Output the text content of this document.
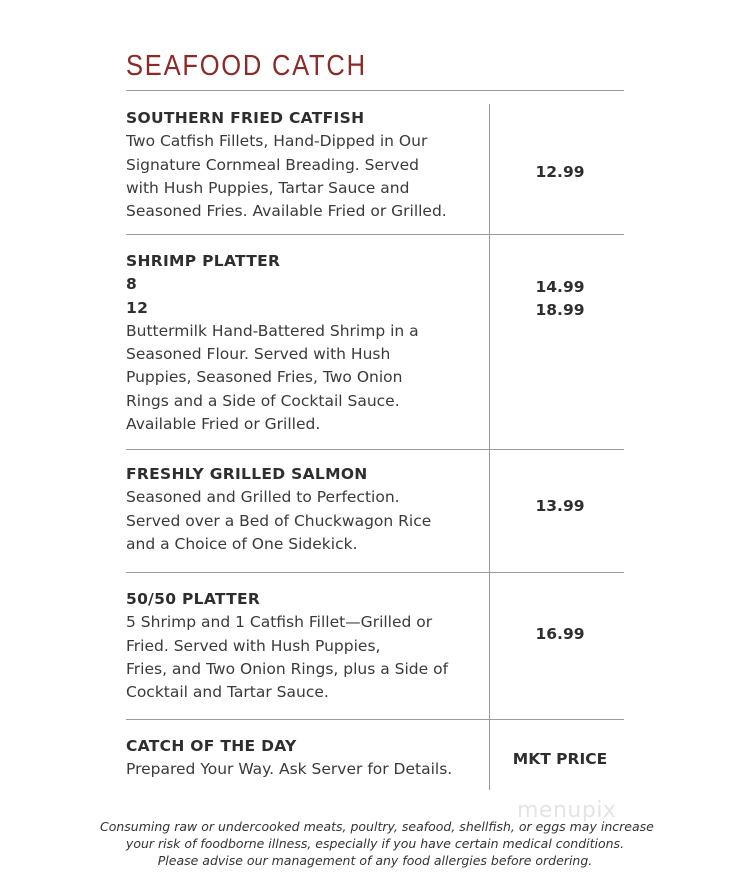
SEAFOOD CATCH
SOUTHERN FRIED CATFISH
Two Catfish Fillets, Hand-Dipped in Our
Signature Cornmeal Breading. Served
with Hush Puppies, Tartar Sauce and
Seasoned Fries. Available Fried or Grilled.
12.99
SHRIMP PLATTER
8
12
Buttermilk Hand-Battered Shrimp in a
Seasoned Flour. Served with Hush
Puppies, Seasoned Fries, Two Onion
Rings and a Side of Cocktail Sauce.
Available Fried or Grilled.
14.99
18.99
FRESHLY GRILLED SALMON
Seasoned and Grilled to Perfection.
Served over a Bed of Chuckwagon Rice
and a Choice of One Sidekick.
13.99
50/50 PLATTER
5 Shrimp and 1 Catfish Fillet—Grilled or
Fried. Served with Hush Puppies,
Fries, and Two Onion Rings, plus a Side of
Cocktail and Tartar Sauce.
16.99
CATCH OF THE DAY
Prepared Your Way. Ask Server for Details.
MKT PRICE
menupix
Consuming raw or undercooked meats, poultry, seafood, shellfish, or eggs may increase
your risk of foodborne illness, especially if you have certain medical conditions.
Please advise our management of any food allergies before ordering.
